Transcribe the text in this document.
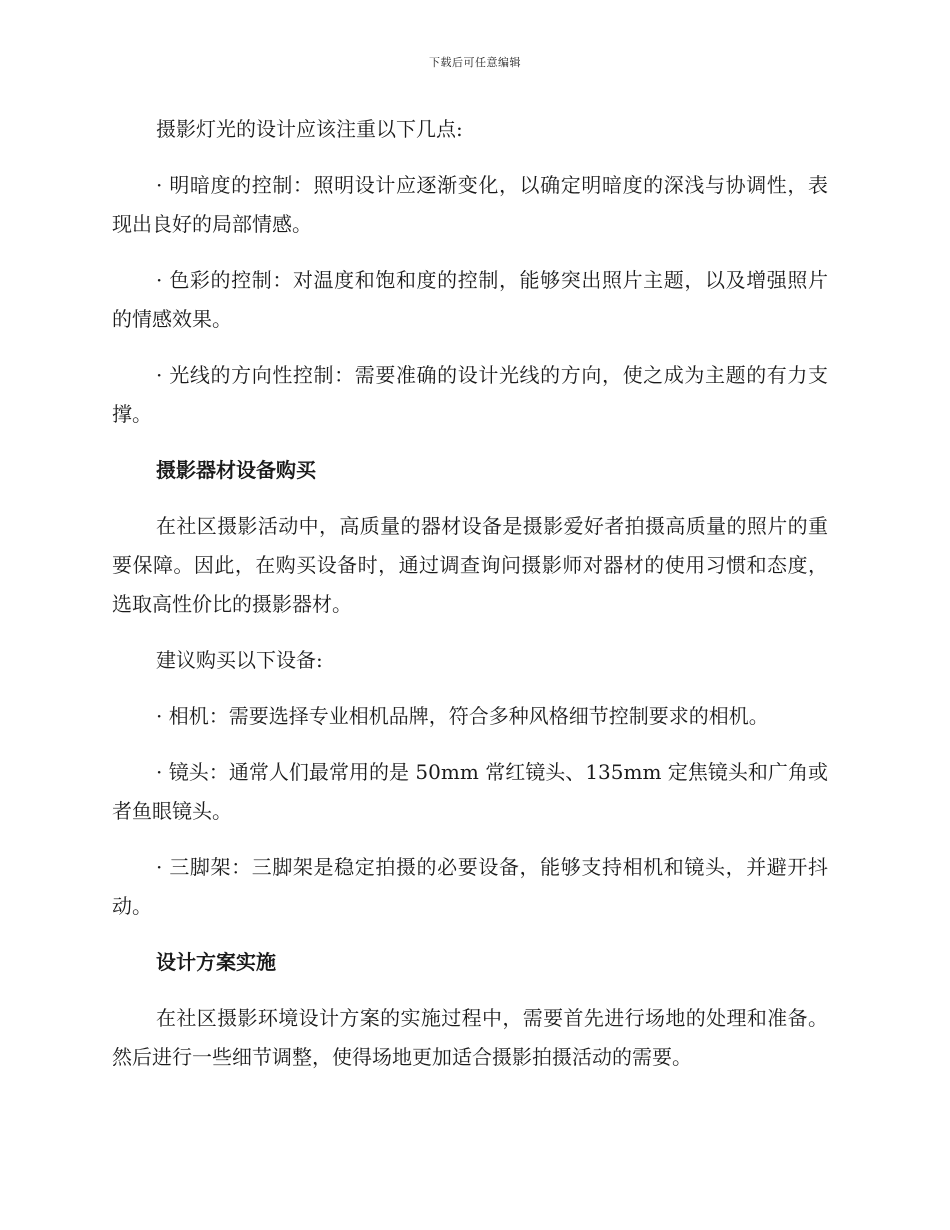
下载后可任意编辑

摄影灯光的设计应该注重以下几点:

· 明暗度的控制：照明设计应逐渐变化，以确定明暗度的深浅与协调性，表现出良好的局部情感。

· 色彩的控制：对温度和饱和度的控制，能够突出照片主题，以及增强照片的情感效果。

· 光线的方向性控制：需要准确的设计光线的方向，使之成为主题的有力支撑。

摄影器材设备购买

在社区摄影活动中，高质量的器材设备是摄影爱好者拍摄高质量的照片的重要保障。因此，在购买设备时，通过调查询问摄影师对器材的使用习惯和态度，选取高性价比的摄影器材。

建议购买以下设备:

· 相机：需要选择专业相机品牌，符合多种风格细节控制要求的相机。

· 镜头：通常人们最常用的是 50mm 常红镜头、135mm 定焦镜头和广角或者鱼眼镜头。

· 三脚架：三脚架是稳定拍摄的必要设备，能够支持相机和镜头，并避开抖动。

设计方案实施

在社区摄影环境设计方案的实施过程中，需要首先进行场地的处理和准备。然后进行一些细节调整，使得场地更加适合摄影拍摄活动的需要。
